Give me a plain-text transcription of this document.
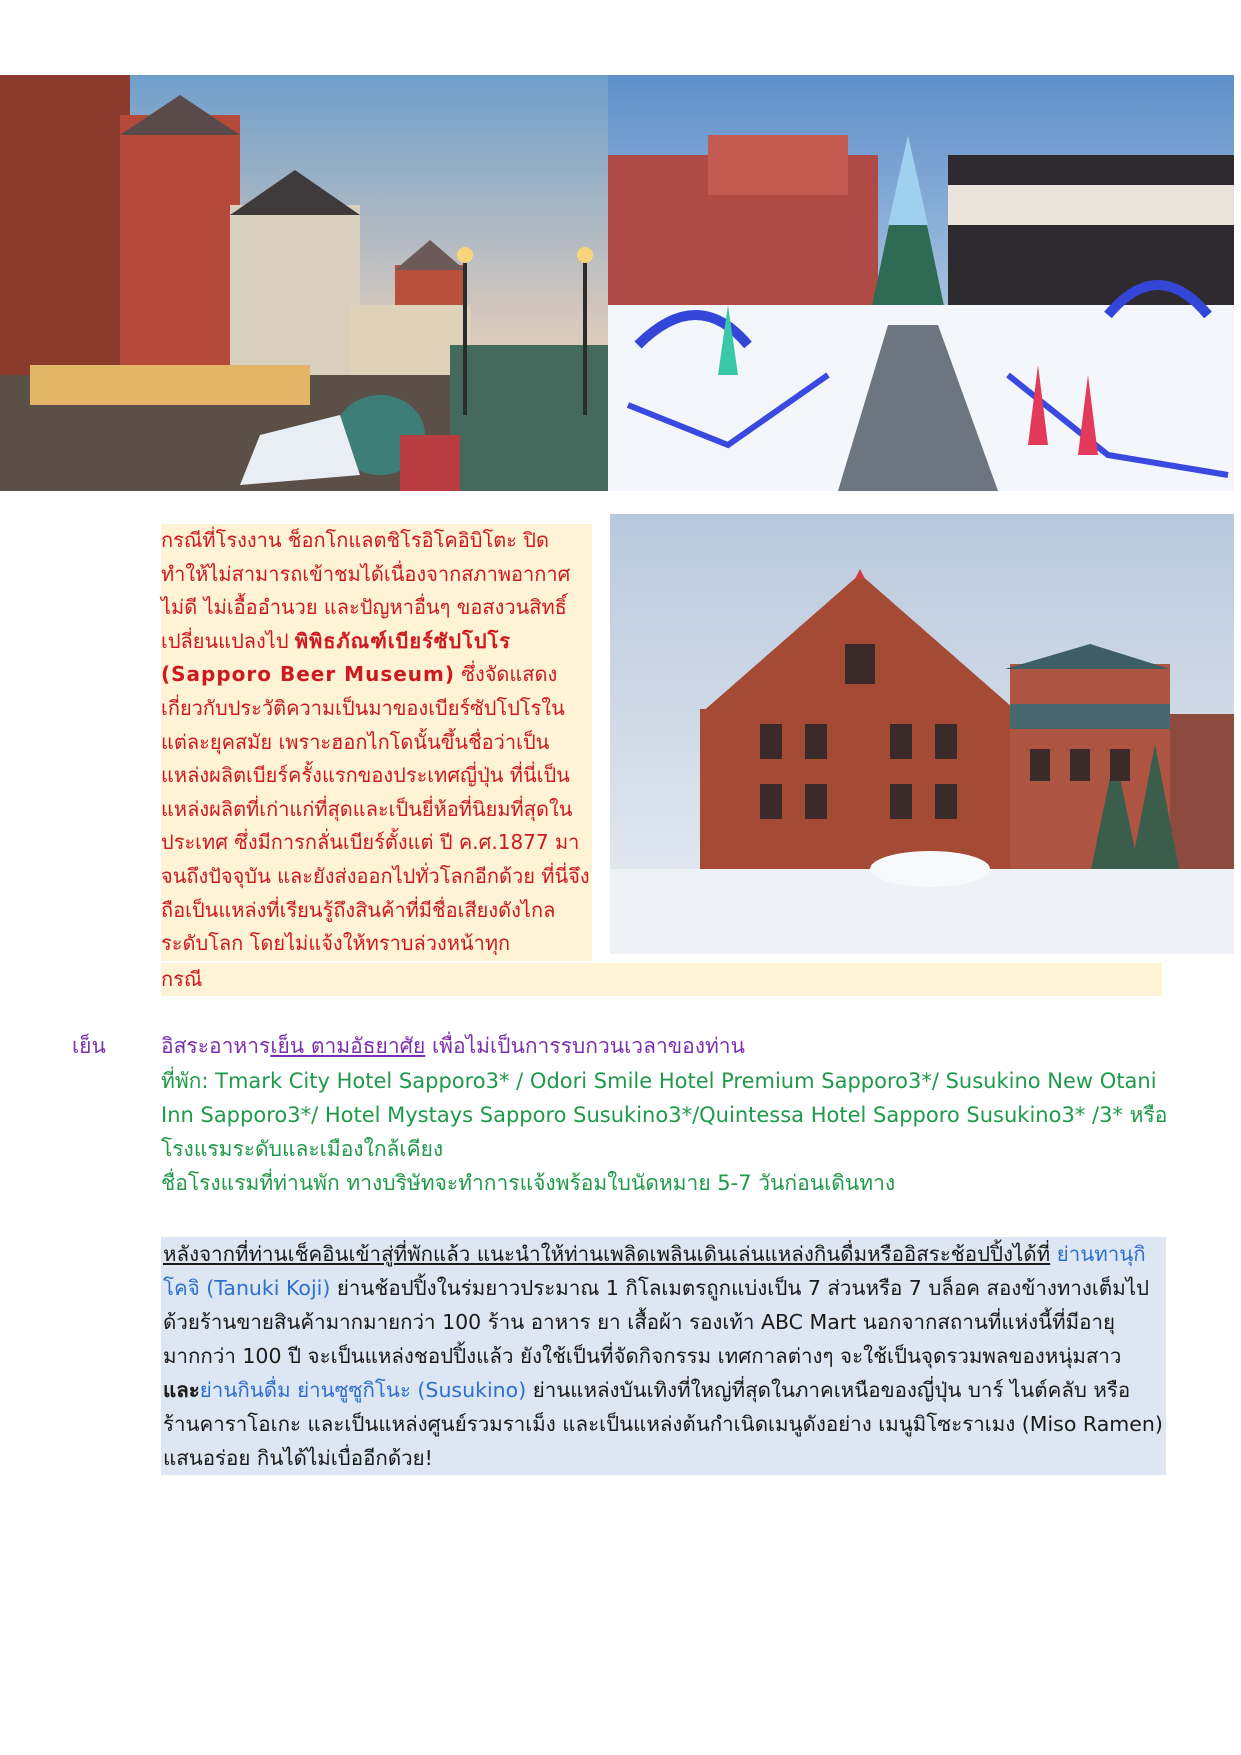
กรณีที่โรงงาน ช็อกโกแลตชิโรอิโคอิบิโตะ ปิด ทำให้ไม่สามารถเข้าชมได้เนื่องจากสภาพอากาศไม่ดี ไม่เอื้ออำนวย และปัญหาอื่นๆ ขอสงวนสิทธิ์เปลี่ยนแปลงไป พิพิธภัณฑ์เบียร์ซัปโปโร (Sapporo Beer Museum) ซึ่งจัดแสดงเกี่ยวกับประวัติความเป็นมาของเบียร์ซัปโปโรในแต่ละยุคสมัย เพราะฮอกไกโดนั้นขึ้นชื่อว่าเป็นแหล่งผลิตเบียร์ครั้งแรกของประเทศญี่ปุ่น ที่นี่เป็นแหล่งผลิตที่เก่าแก่ที่สุดและเป็นยี่ห้อที่นิยมที่สุดในประเทศ ซึ่งมีการกลั่นเบียร์ตั้งแต่ ปี ค.ศ.1877 มาจนถึงปัจจุบัน และยังส่งออกไปทั่วโลกอีกด้วย ที่นี่จึงถือเป็นแหล่งที่เรียนรู้ถึงสินค้าที่มีชื่อเสียงดังไกลระดับโลก โดยไม่แจ้งให้ทราบล่วงหน้าทุก
กรณี
เย็น	อิสระอาหารเย็น ตามอัธยาศัย เพื่อไม่เป็นการรบกวนเวลาของท่าน
ที่พัก: Tmark City Hotel Sapporo3* / Odori Smile Hotel Premium Sapporo3*/ Susukino New Otani Inn Sapporo3*/ Hotel Mystays Sapporo Susukino3*/Quintessa Hotel Sapporo Susukino3* /3* หรือโรงแรมระดับและเมืองใกล้เคียง
ชื่อโรงแรมที่ท่านพัก ทางบริษัทจะทำการแจ้งพร้อมใบนัดหมาย 5-7 วันก่อนเดินทาง
หลังจากที่ท่านเช็คอินเข้าสู่ที่พักแล้ว แนะนำให้ท่านเพลิดเพลินเดินเล่นแหล่งกินดื่มหรืออิสระช้อปปิ้งได้ที่ ย่านทานุกิโคจิ (Tanuki Koji) ย่านช้อปปิ้งในร่มยาวประมาณ 1 กิโลเมตรถูกแบ่งเป็น 7 ส่วนหรือ 7 บล็อค สองข้างทางเต็มไปด้วยร้านขายสินค้ามากมายกว่า 100 ร้าน อาหาร ยา เสื้อผ้า รองเท้า ABC Mart นอกจากสถานที่แห่งนี้ที่มีอายุมากกว่า 100 ปี จะเป็นแหล่งชอปปิ้งแล้ว ยังใช้เป็นที่จัดกิจกรรม เทศกาลต่างๆ จะใช้เป็นจุดรวมพลของหนุ่มสาว และย่านกินดื่ม ย่านซูซูกิโนะ (Susukino) ย่านแหล่งบันเทิงที่ใหญ่ที่สุดในภาคเหนือของญี่ปุ่น บาร์ ไนต์คลับ หรือร้านคาราโอเกะ และเป็นแหล่งศูนย์รวมราเม็ง และเป็นแหล่งต้นกำเนิดเมนูดังอย่าง เมนูมิโซะราเมง (Miso Ramen) แสนอร่อย กินได้ไม่เบื่ออีกด้วย!
